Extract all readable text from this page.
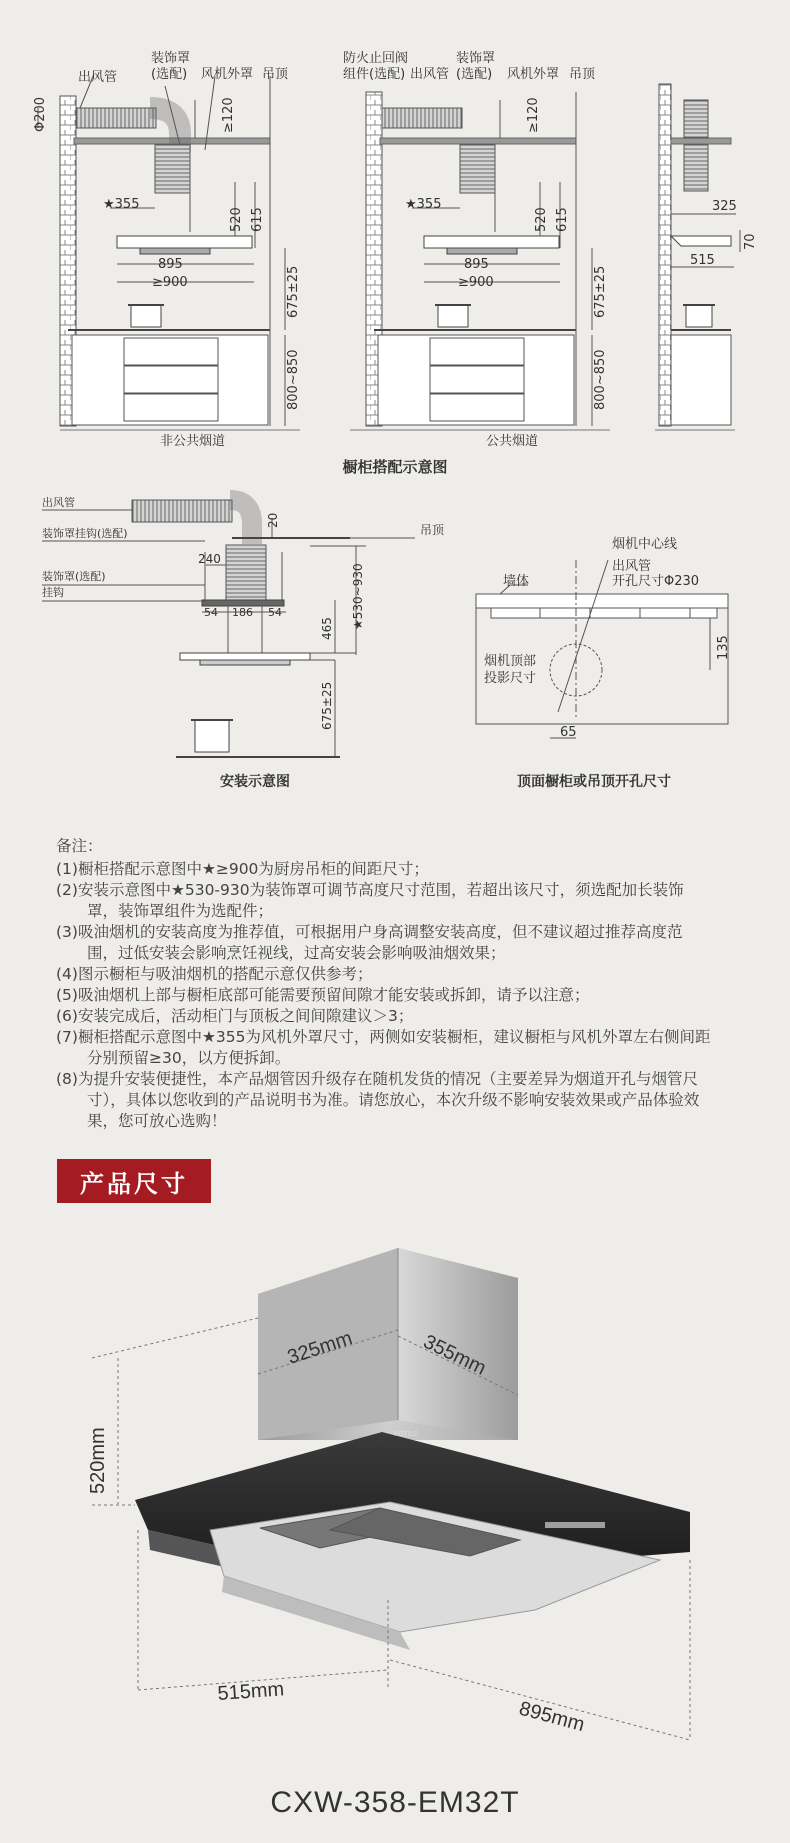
出风管
装饰罩
(选配) 风机外罩 吊顶
Φ200	≥120
★355
520 615
895
≥900	675±25
800~850
非公共烟道
防火止回阀
组件(选配) 出风管
装饰罩
(选配) 风机外罩 吊顶
≥120
★355
520 615
895
≥900	675±25
800~850
公共烟道
325
515
70
橱柜搭配示意图
出风管
装饰罩挂钩(选配)	吊顶
装饰罩(选配)
挂钩
20
240
54 186 54	★530~930
465
675±25
安装示意图
烟机中心线
出风管
开孔尺寸Φ230
墙体
烟机顶部
投影尺寸
135
65
顶面橱柜或吊顶开孔尺寸
FOTILE
325mm	355mm
520mm
515mm
895mm

备注：

(1)橱柜搭配示意图中★≥900为厨房吊柜的间距尺寸；

(2)安装示意图中★530-930为装饰罩可调节高度尺寸范围，若超出该尺寸，须选配加长装饰

　　罩，装饰罩组件为选配件；

(3)吸油烟机的安装高度为推荐值，可根据用户身高调整安装高度，但不建议超过推荐高度范

　　围，过低安装会影响烹饪视线，过高安装会影响吸油烟效果；

(4)图示橱柜与吸油烟机的搭配示意仅供参考；

(5)吸油烟机上部与橱柜底部可能需要预留间隙才能安装或拆卸，请予以注意；

(6)安装完成后，活动柜门与顶板之间间隙建议＞3；

(7)橱柜搭配示意图中★355为风机外罩尺寸，两侧如安装橱柜，建议橱柜与风机外罩左右侧间距

　　分别预留≥30，以方便拆卸。

(8)为提升安装便捷性，本产品烟管因升级存在随机发货的情况（主要差异为烟道开孔与烟管尺

　　寸），具体以您收到的产品说明书为准。请您放心，本次升级不影响安装效果或产品体验效

　　果，您可放心选购！

产品尺寸
CXW-358-EM32T
